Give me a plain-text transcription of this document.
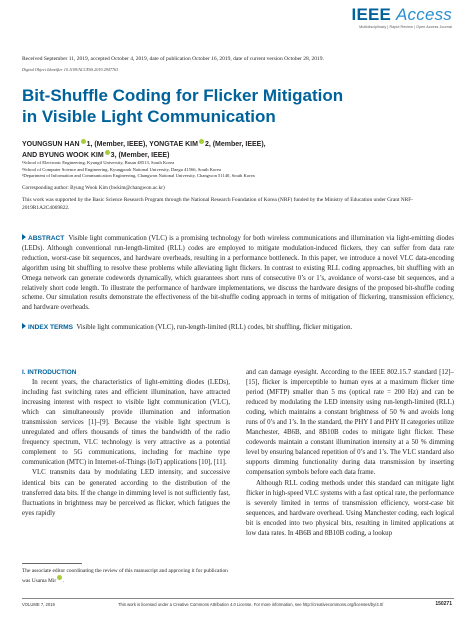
IEEE Access
Multidisciplinary | Rapid Review | Open Access Journal
Received September 11, 2019, accepted October 4, 2019, date of publication October 16, 2019, date of current version October 28, 2019.
Digital Object Identifier 10.1109/ACCESS.2019.2947763
Bit-Shuffle Coding for Flicker Mitigation
in Visible Light Communication
YOUNGSUN HAN 1, (Member, IEEE), YONGTAE KIM 2, (Member, IEEE),
AND BYUNG WOOK KIM 3, (Member, IEEE)
¹School of Electronic Engineering, Kyungil University, Busan 48513, South Korea
²School of Computer Science and Engineering, Kyungpook National University, Daegu 41566, South Korea
³Department of Information and Communication Engineering, Changwon National University, Changwon 51140, South Korea
Corresponding author: Byung Wook Kim (bwkim@changwon.ac.kr)
This work was supported by the Basic Science Research Program through the National Research Foundation of Korea (NRF) funded by the Ministry of Education under Grant NRF-2019R1A2C4069822.
ABSTRACT Visible light communication (VLC) is a promising technology for both wireless communications and illumination via light-emitting diodes (LEDs). Although conventional run-length-limited (RLL) codes are employed to mitigate modulation-induced flickers, they can suffer from data rate reduction, worst-case bit sequences, and hardware overheads, resulting in a performance bottleneck. In this paper, we introduce a novel VLC data-encoding algorithm using bit shuffling to resolve these problems while alleviating light flickers. In contrast to existing RLL coding approaches, bit shuffling with an Omega network can generate codewords dynamically, which guarantees short runs of consecutive 0’s or 1’s, avoidance of worst-case bit sequences, and a relatively short code length. To illustrate the performance of hardware implementations, we discuss the hardware designs of the proposed bit-shuffle coding scheme. Our simulation results demonstrate the effectiveness of the bit-shuffle coding approach in terms of mitigation of flickering, transmission efficiency, and hardware overheads.
INDEX TERMS Visible light communication (VLC), run-length-limited (RLL) codes, bit shuffling, flicker mitigation.
I. INTRODUCTION

In recent years, the characteristics of light-emitting diodes (LEDs), including fast switching rates and efficient illumination, have attracted increasing interest with respect to visible light communication (VLC), which can simultaneously provide illumination and information transmission services [1]–[9]. Because the visible light spectrum is unregulated and offers thousands of times the bandwidth of the radio frequency spectrum, VLC technology is very attractive as a potential complement to 5G communications, including for machine type communication (MTC) in Internet-of-Things (IoT) applications [10], [11].

VLC transmits data by modulating LED intensity, and successive identical bits can be generated according to the distribution of the transferred data bits. If the change in dimming level is not sufficiently fast, fluctuations in brightness may be perceived as flicker, which fatigues the eyes rapidly

and can damage eyesight. According to the IEEE 802.15.7 standard [12]–[15], flicker is imperceptible to human eyes at a maximum flicker time period (MFTP) smaller than 5 ms (optical rate = 200 Hz) and can be reduced by modulating the LED intensity using run-length-limited (RLL) coding, which maintains a constant brightness of 50 % and avoids long runs of 0’s and 1’s. In the standard, the PHY I and PHY II categories utilize Manchester, 4B6B, and 8B10B codes to mitigate light flicker. These codewords maintain a constant illumination intensity at a 50 % dimming level by ensuring balanced repetition of 0’s and 1’s. The VLC standard also supports dimming functionality during data transmission by inserting compensation symbols before each data frame.

Although RLL coding methods under this standard can mitigate light flicker in high-speed VLC systems with a fast optical rate, the performance is severely limited in terms of transmission efficiency, worst-case bit sequences, and hardware overhead. Using Manchester coding, each logical bit is encoded into two physical bits, resulting in limited applications at low data rates. In 4B6B and 8B10B coding, a lookup

The associate editor coordinating the review of this manuscript and approving it for publication was Usama Mir .
VOLUME 7, 2019	This work is licensed under a Creative Commons Attribution 4.0 License. For more information, see http://creativecommons.org/licenses/by/4.0/	150271
